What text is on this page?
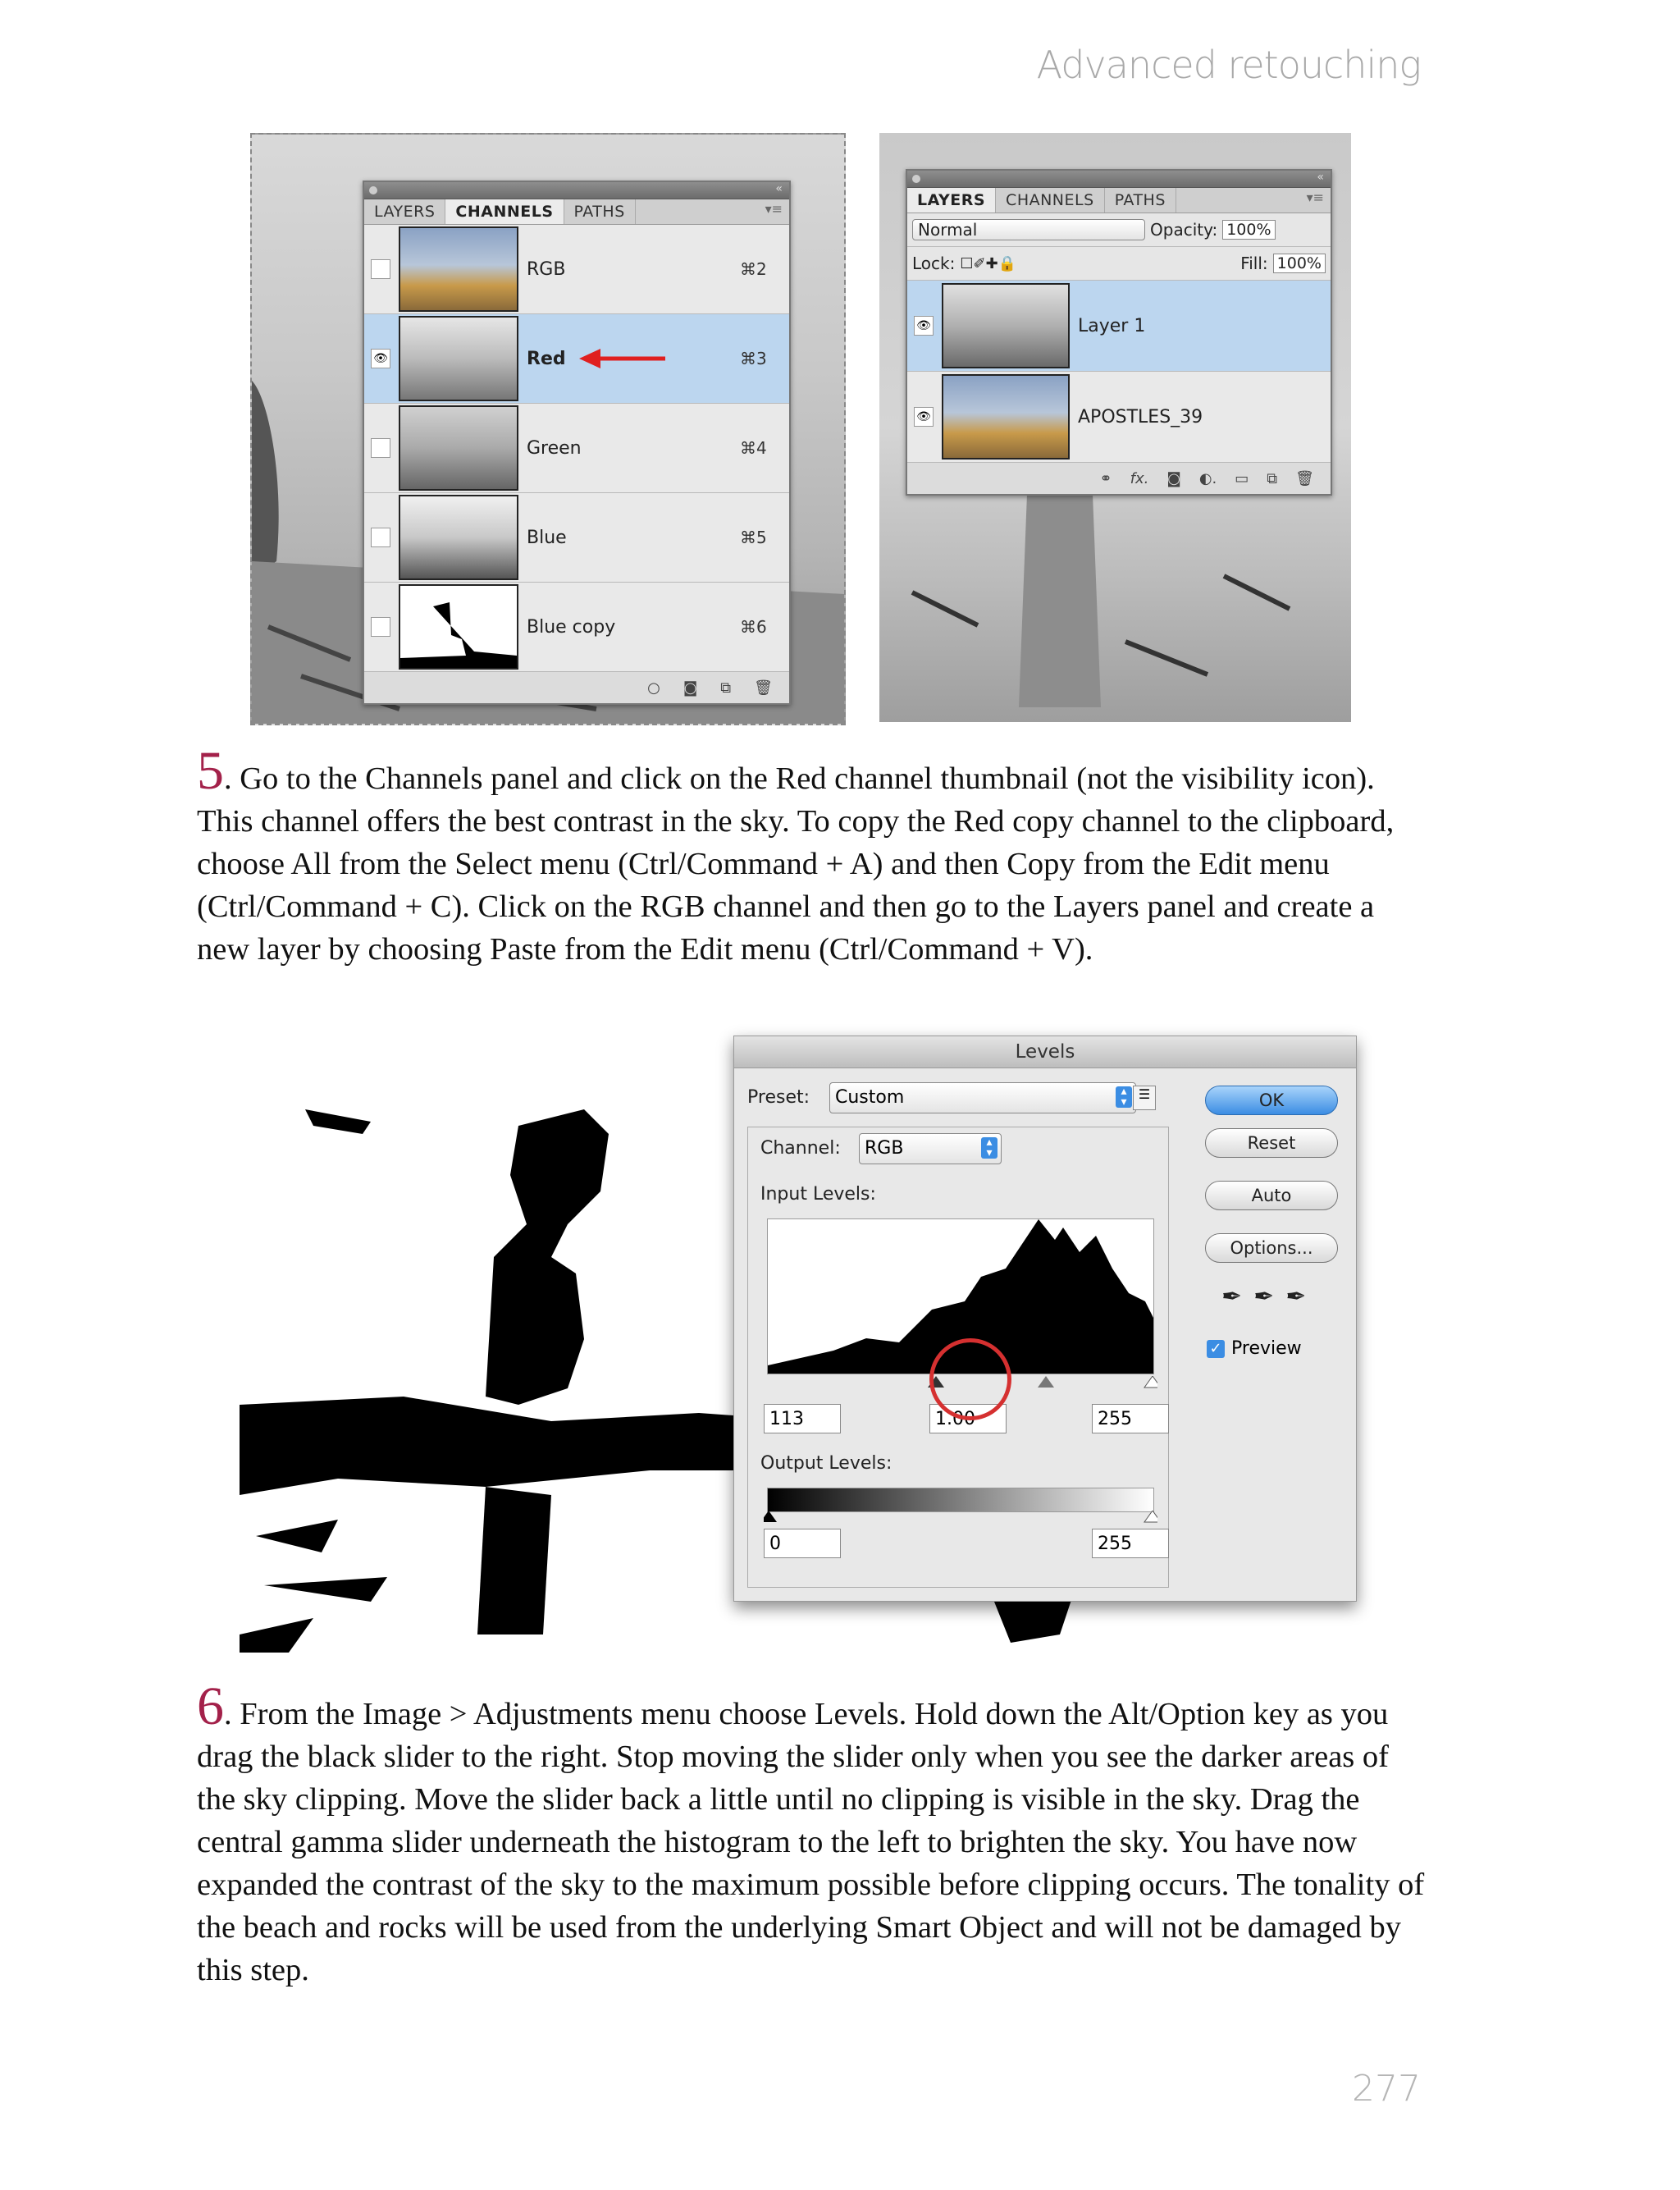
Advanced retouching
«
LAYERS	CHANNELS	PATHS	▾≡
RGB	⌘2
👁	Red	⌘3
Green	⌘4
Blue	⌘5
Blue copy	⌘6
○ ◙ ⧉ 🗑
«
LAYERS	CHANNELS	PATHS	▾≡
Normal	Opacity: 100%
Lock: ☐✐✚🔒	Fill: 100%
👁	Layer 1
👁	APOSTLES_39
⚭ fx. ◙ ◐. ▭ ⧉ 🗑

5. Go to the Channels panel and click on the Red channel thumbnail (not the visibility icon). This channel offers the best contrast in the sky. To copy the Red copy channel to the clipboard, choose All from the Select menu (Ctrl/Command + A) and then Copy from the Edit menu (Ctrl/Command + C). Click on the RGB channel and then go to the Layers panel and create a new layer by choosing Paste from the Edit menu (Ctrl/Command + V).

Levels
Preset:	Custom	▴
▾ ☰
Channel:	RGB	▴
▾
Input Levels:
113	1.00	255
Output Levels:
0	255
OK
Reset
Auto
Options...
✒✒✒
✓ Preview

6. From the Image > Adjustments menu choose Levels. Hold down the Alt/Option key as you drag the black slider to the right. Stop moving the slider only when you see the darker areas of the sky clipping. Move the slider back a little until no clipping is visible in the sky. Drag the central gamma slider underneath the histogram to the left to brighten the sky. You have now expanded the contrast of the sky to the maximum possible before clipping occurs. The tonality of the beach and rocks will be used from the underlying Smart Object and will not be damaged by this step.

277
